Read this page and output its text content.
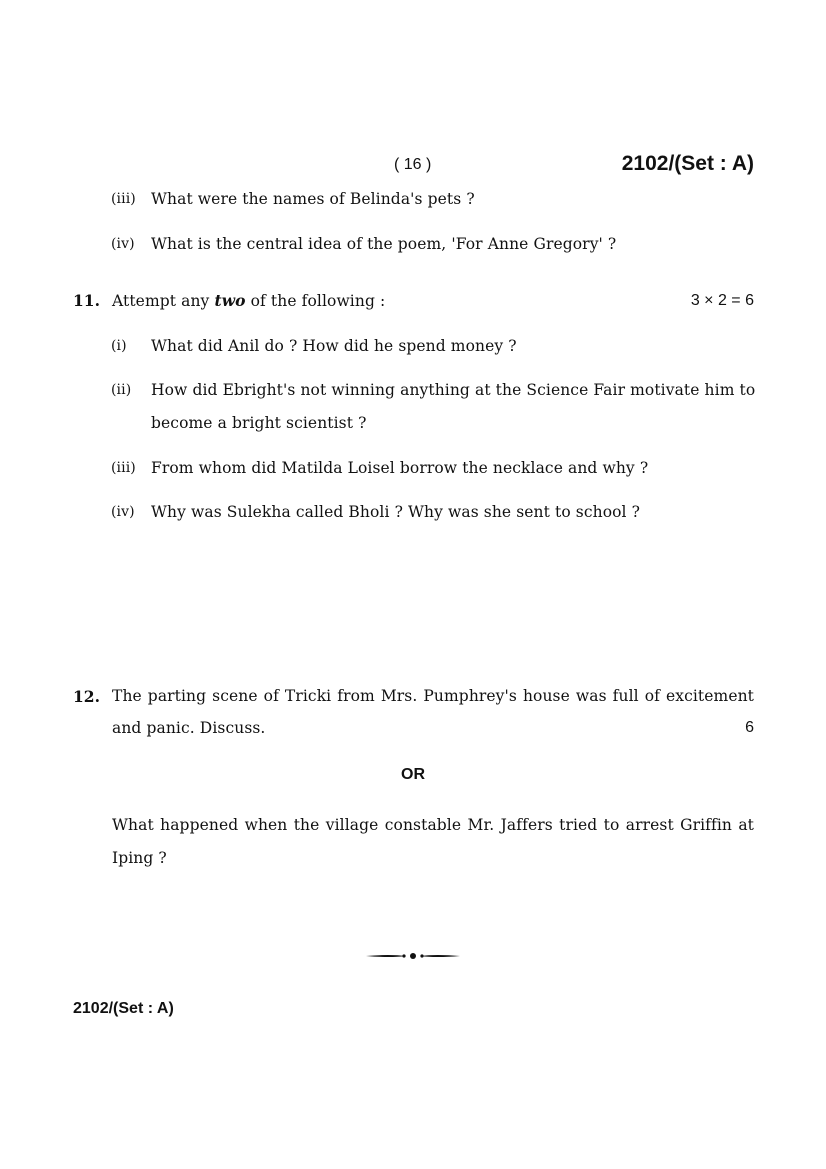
( 16 )	2102/(Set : A)
(iii) What were the names of Belinda's pets ?
(iv) What is the central idea of the poem, 'For Anne Gregory' ?
11. Attempt any two of the following :	3 × 2 = 6
(i) What did Anil do ? How did he spend money ?
(ii) How did Ebright's not winning anything at the Science Fair motivate him to
become a bright scientist ?
(iii) From whom did Matilda Loisel borrow the necklace and why ?
(iv) Why was Sulekha called Bholi ? Why was she sent to school ?
12. The parting scene of Tricki from Mrs. Pumphrey's house was full of excitement
and panic. Discuss.	6
OR
What happened when the village constable Mr. Jaffers tried to arrest Griffin at
Iping ?
2102/(Set : A)
